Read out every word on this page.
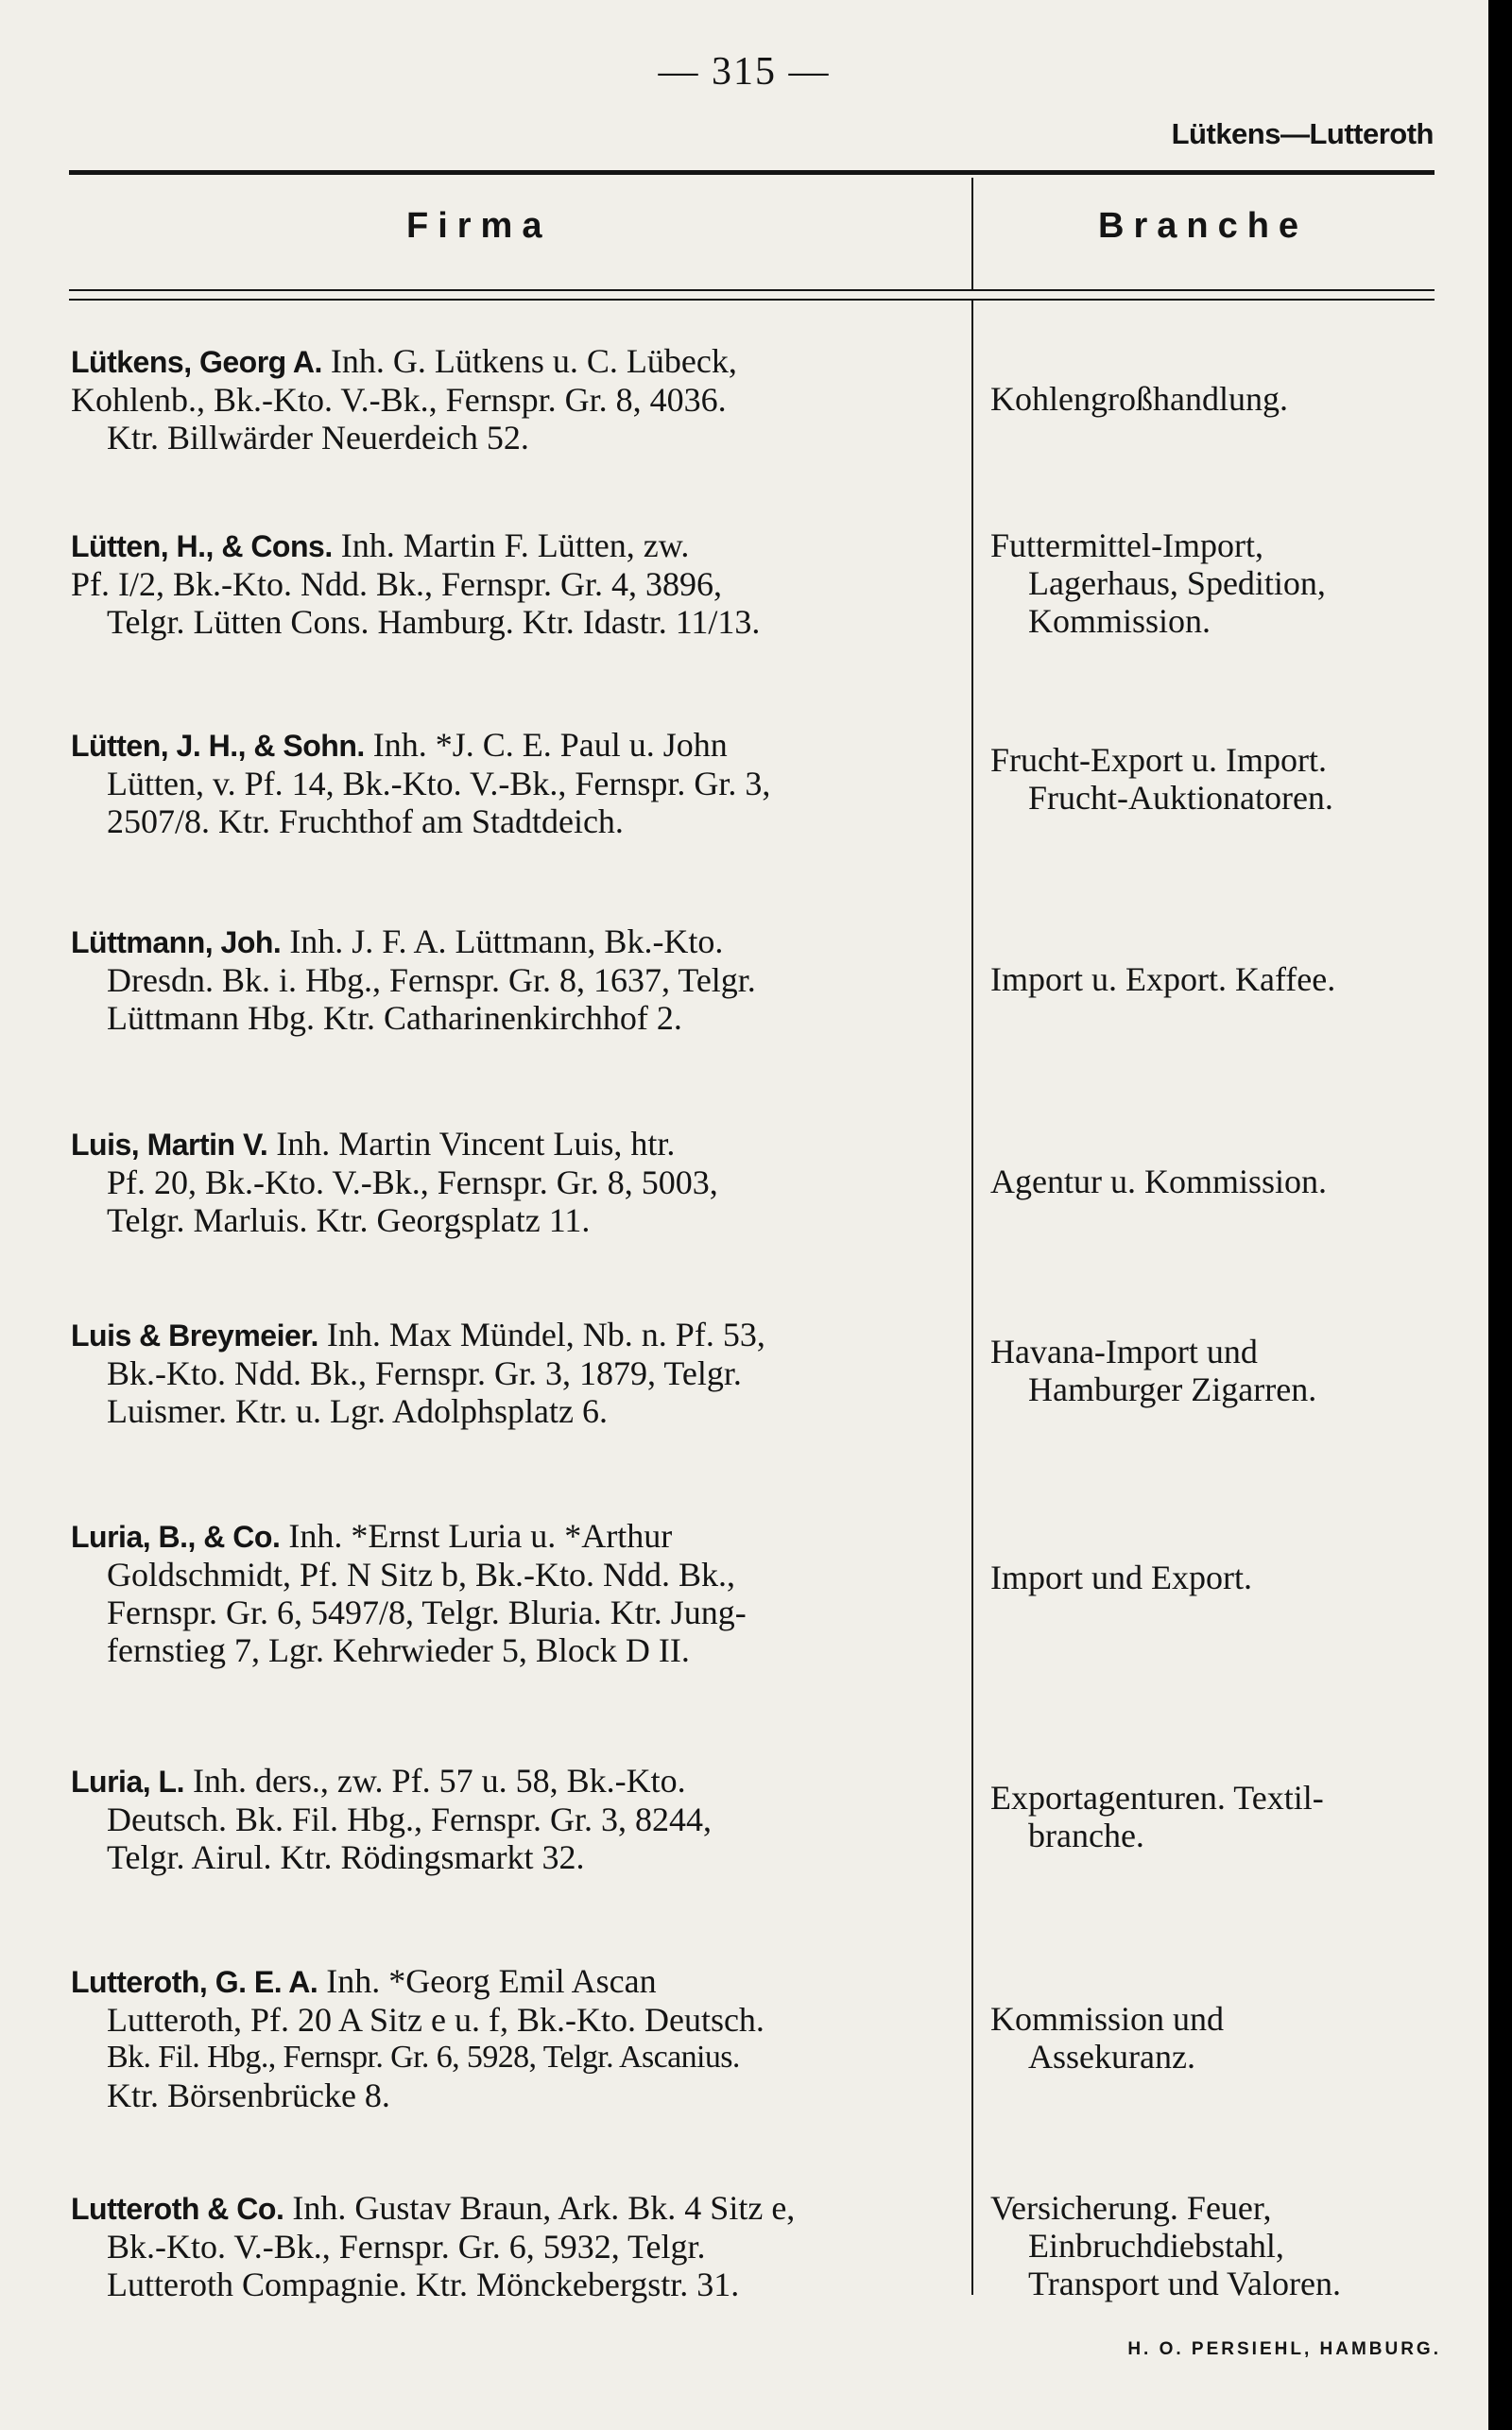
— 315 —
Lütkens—Lutteroth
Firma	Branche
Lütkens, Georg A. Inh. G. Lütkens u. C. Lübeck,
Kohlenb., Bk.-Kto. V.-Bk., Fernspr. Gr. 8, 4036.
Ktr. Billwärder Neuerdeich 52.

Kohlengroßhandlung.
Lütten, H., & Cons. Inh. Martin F. Lütten, zw.
Pf. I/2, Bk.-Kto. Ndd. Bk., Fernspr. Gr. 4, 3896,
Telgr. Lütten Cons. Hamburg. Ktr. Idastr. 11/13.
Futtermittel-Import,
Lagerhaus, Spedition,
Kommission.
Lütten, J. H., & Sohn. Inh. *J. C. E. Paul u. John
Lütten, v. Pf. 14, Bk.-Kto. V.-Bk., Fernspr. Gr. 3,
2507/8. Ktr. Fruchthof am Stadtdeich.
Frucht-Export u. Import.
Frucht-Auktionatoren.
Lüttmann, Joh. Inh. J. F. A. Lüttmann, Bk.-Kto.
Dresdn. Bk. i. Hbg., Fernspr. Gr. 8, 1637, Telgr.
Lüttmann Hbg. Ktr. Catharinenkirchhof 2.

Import u. Export. Kaffee.
Luis, Martin V. Inh. Martin Vincent Luis, htr.
Pf. 20, Bk.-Kto. V.-Bk., Fernspr. Gr. 8, 5003,
Telgr. Marluis. Ktr. Georgsplatz 11.

Agentur u. Kommission.
Luis & Breymeier. Inh. Max Mündel, Nb. n. Pf. 53,
Bk.-Kto. Ndd. Bk., Fernspr. Gr. 3, 1879, Telgr.
Luismer. Ktr. u. Lgr. Adolphsplatz 6.
Havana-Import und
Hamburger Zigarren.
Luria, B., & Co. Inh. *Ernst Luria u. *Arthur
Goldschmidt, Pf. N Sitz b, Bk.-Kto. Ndd. Bk.,
Fernspr. Gr. 6, 5497/8, Telgr. Bluria. Ktr. Jung-
fernstieg 7, Lgr. Kehrwieder 5, Block D II.
Import und Export.
Luria, L. Inh. ders., zw. Pf. 57 u. 58, Bk.-Kto.
Deutsch. Bk. Fil. Hbg., Fernspr. Gr. 3, 8244,
Telgr. Airul. Ktr. Rödingsmarkt 32.
Exportagenturen. Textil-
branche.
Lutteroth, G. E. A. Inh. *Georg Emil Ascan
Lutteroth, Pf. 20 A Sitz e u. f, Bk.-Kto. Deutsch.
Bk. Fil. Hbg., Fernspr. Gr. 6, 5928, Telgr. Ascanius.
Ktr. Börsenbrücke 8.
Kommission und
Assekuranz.
Lutteroth & Co. Inh. Gustav Braun, Ark. Bk. 4 Sitz e,
Bk.-Kto. V.-Bk., Fernspr. Gr. 6, 5932, Telgr.
Lutteroth Compagnie. Ktr. Mönckebergstr. 31.
Versicherung. Feuer,
Einbruchdiebstahl,
Transport und Valoren.
H. O. PERSIEHL, HAMBURG.
